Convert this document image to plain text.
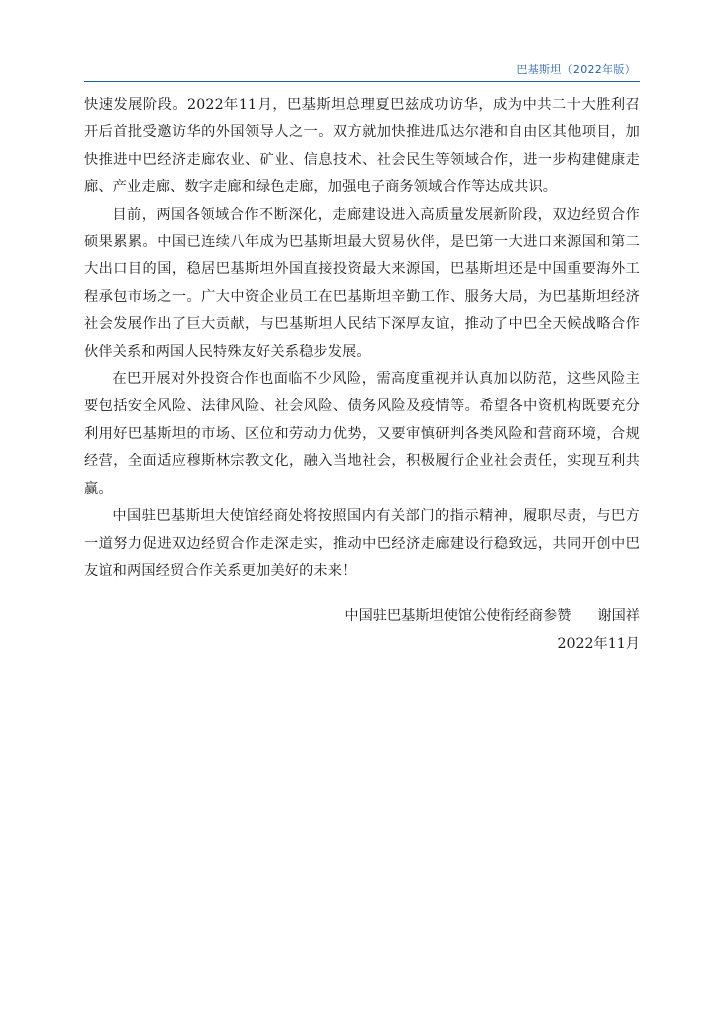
巴基斯坦（2022年版）

快速发展阶段。2022年11月，巴基斯坦总理夏巴兹成功访华，成为中共二十大胜利召开后首批受邀访华的外国领导人之一。双方就加快推进瓜达尔港和自由区其他项目，加快推进中巴经济走廊农业、矿业、信息技术、社会民生等领域合作，进一步构建健康走廊、产业走廊、数字走廊和绿色走廊，加强电子商务领域合作等达成共识。

目前，两国各领域合作不断深化，走廊建设进入高质量发展新阶段，双边经贸合作硕果累累。中国已连续八年成为巴基斯坦最大贸易伙伴，是巴第一大进口来源国和第二大出口目的国，稳居巴基斯坦外国直接投资最大来源国，巴基斯坦还是中国重要海外工程承包市场之一。广大中资企业员工在巴基斯坦辛勤工作、服务大局，为巴基斯坦经济社会发展作出了巨大贡献，与巴基斯坦人民结下深厚友谊，推动了中巴全天候战略合作伙伴关系和两国人民特殊友好关系稳步发展。

在巴开展对外投资合作也面临不少风险，需高度重视并认真加以防范，这些风险主要包括安全风险、法律风险、社会风险、债务风险及疫情等。希望各中资机构既要充分利用好巴基斯坦的市场、区位和劳动力优势，又要审慎研判各类风险和营商环境，合规经营，全面适应穆斯林宗教文化，融入当地社会，积极履行企业社会责任，实现互利共赢。

中国驻巴基斯坦大使馆经商处将按照国内有关部门的指示精神，履职尽责，与巴方一道努力促进双边经贸合作走深走实，推动中巴经济走廊建设行稳致远，共同开创中巴友谊和两国经贸合作关系更加美好的未来！

中国驻巴基斯坦使馆公使衔经商参赞 谢国祥
2022年11月
